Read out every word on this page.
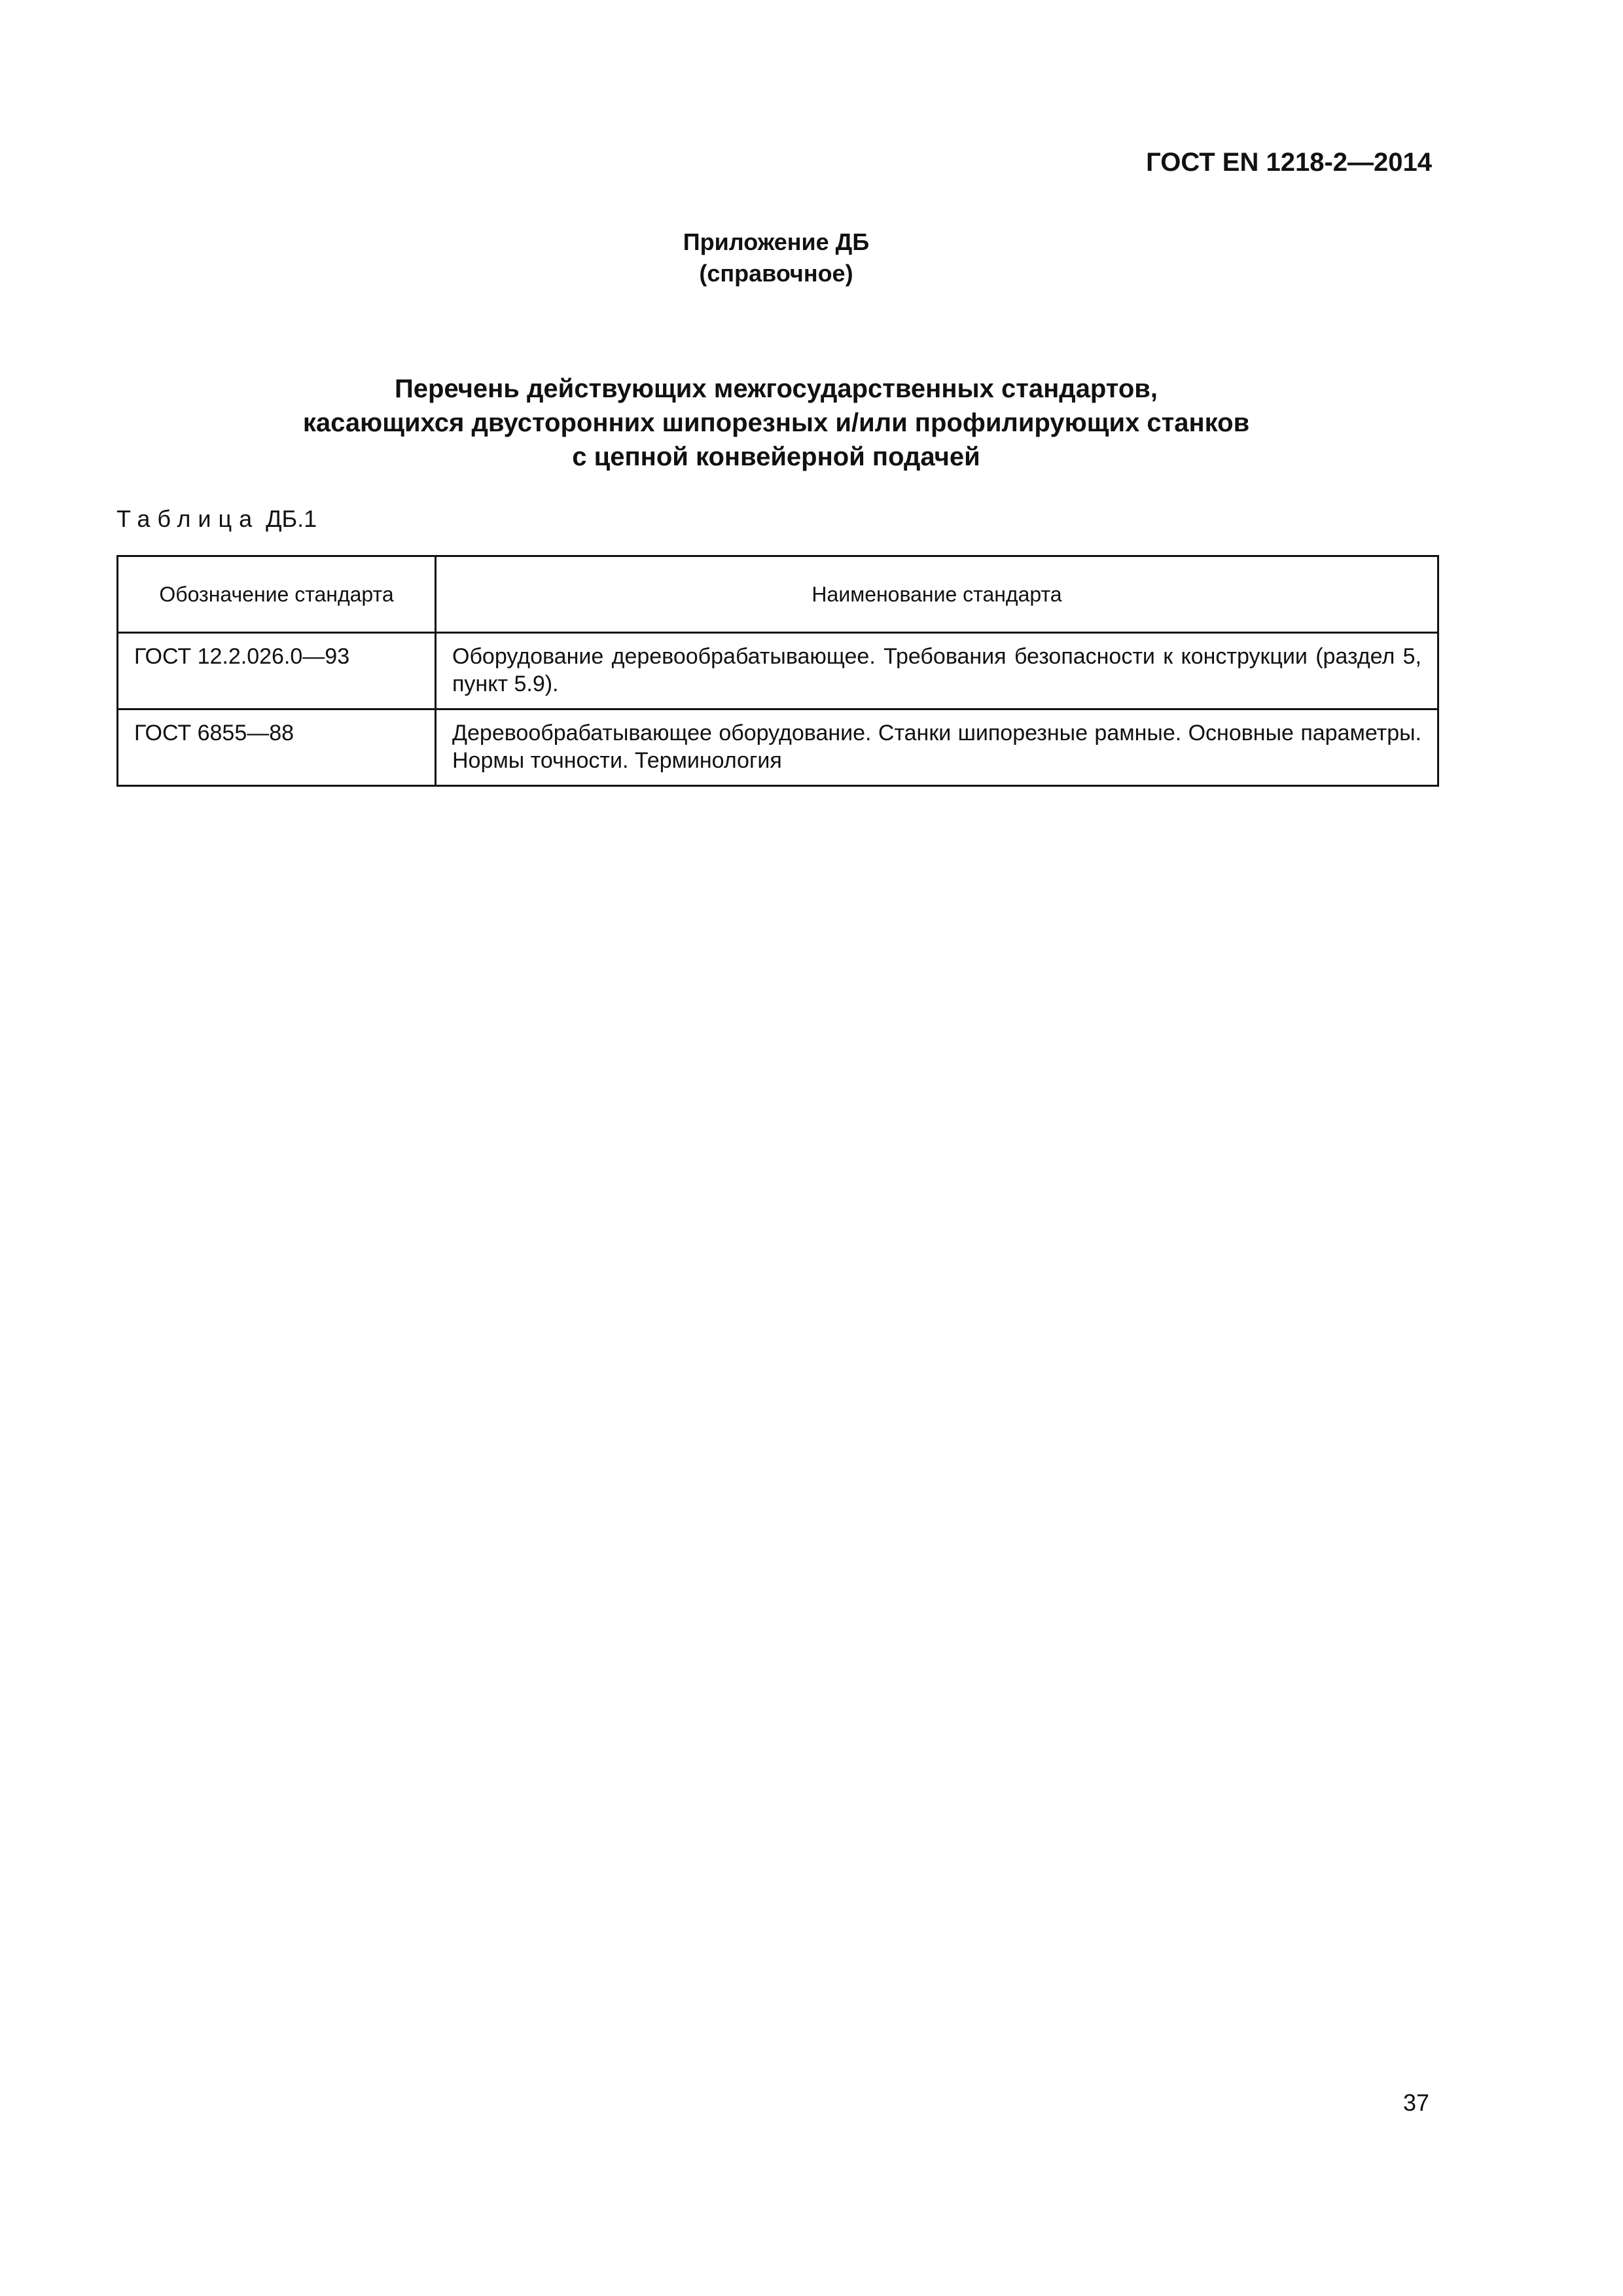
ГОСТ EN 1218-2—2014
Приложение ДБ
(справочное)
Перечень действующих межгосударственных стандартов,
касающихся двусторонних шипорезных и/или профилирующих станков
с цепной конвейерной подачей
Таблица ДБ.1
Обозначение стандарта	Наименование стандарта
ГОСТ 12.2.026.0—93	Оборудование деревообрабатывающее. Требования безопасности к конструкции (раздел 5, пункт 5.9).
ГОСТ 6855—88	Деревообрабатывающее оборудование. Станки шипорезные рамные. Основные параметры. Нормы точности. Терминология
37
